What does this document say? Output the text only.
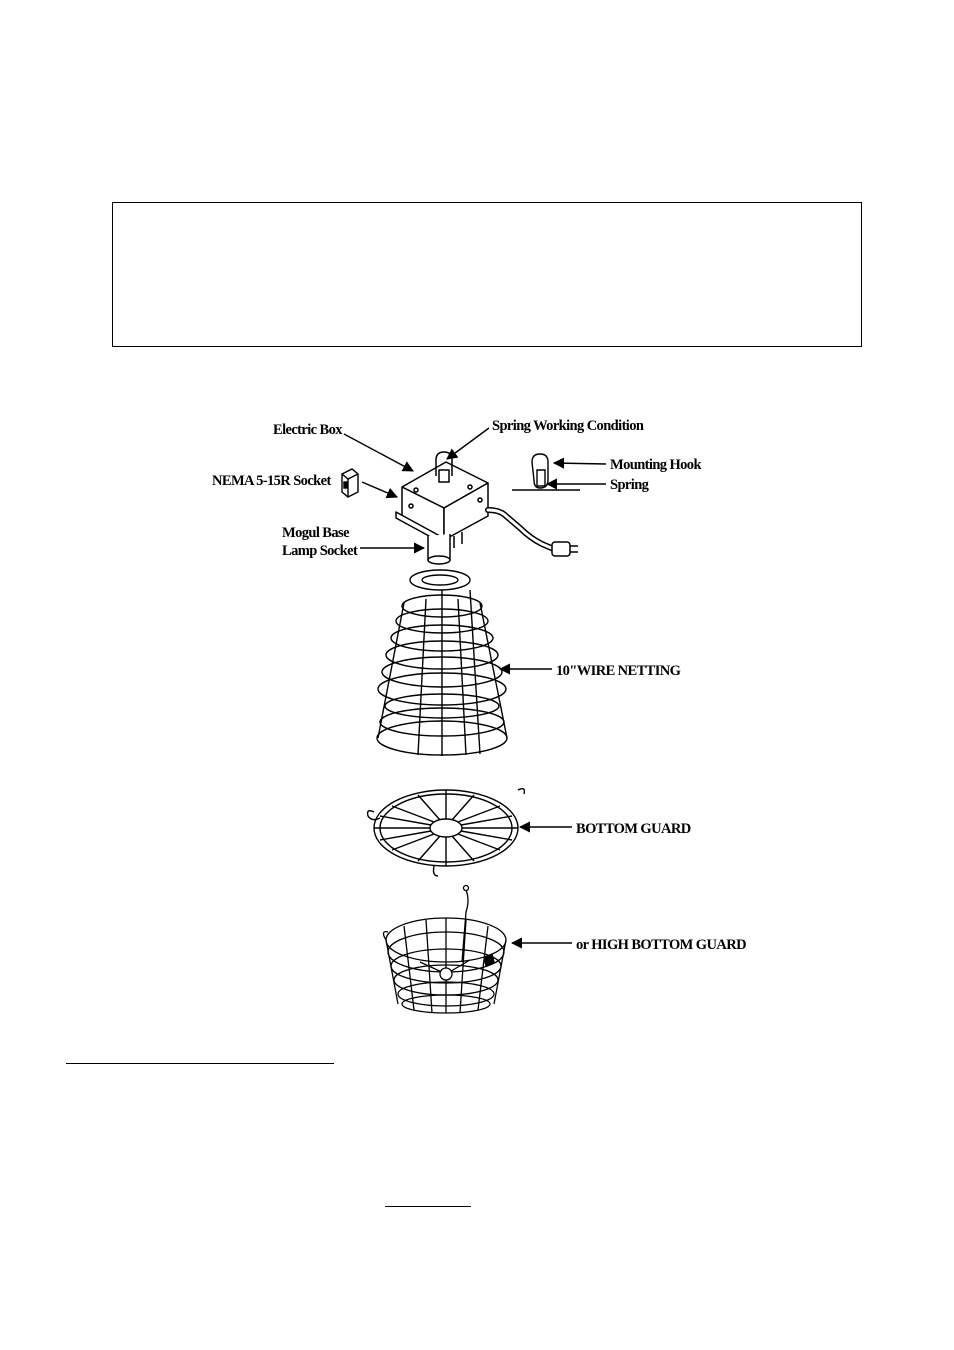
Electric Box	Spring Working Condition
Mounting Hook
Spring
NEMA 5-15R Socket
Mogul Base
Lamp Socket
10"WIRE NETTING
BOTTOM GUARD
or HIGH BOTTOM GUARD
